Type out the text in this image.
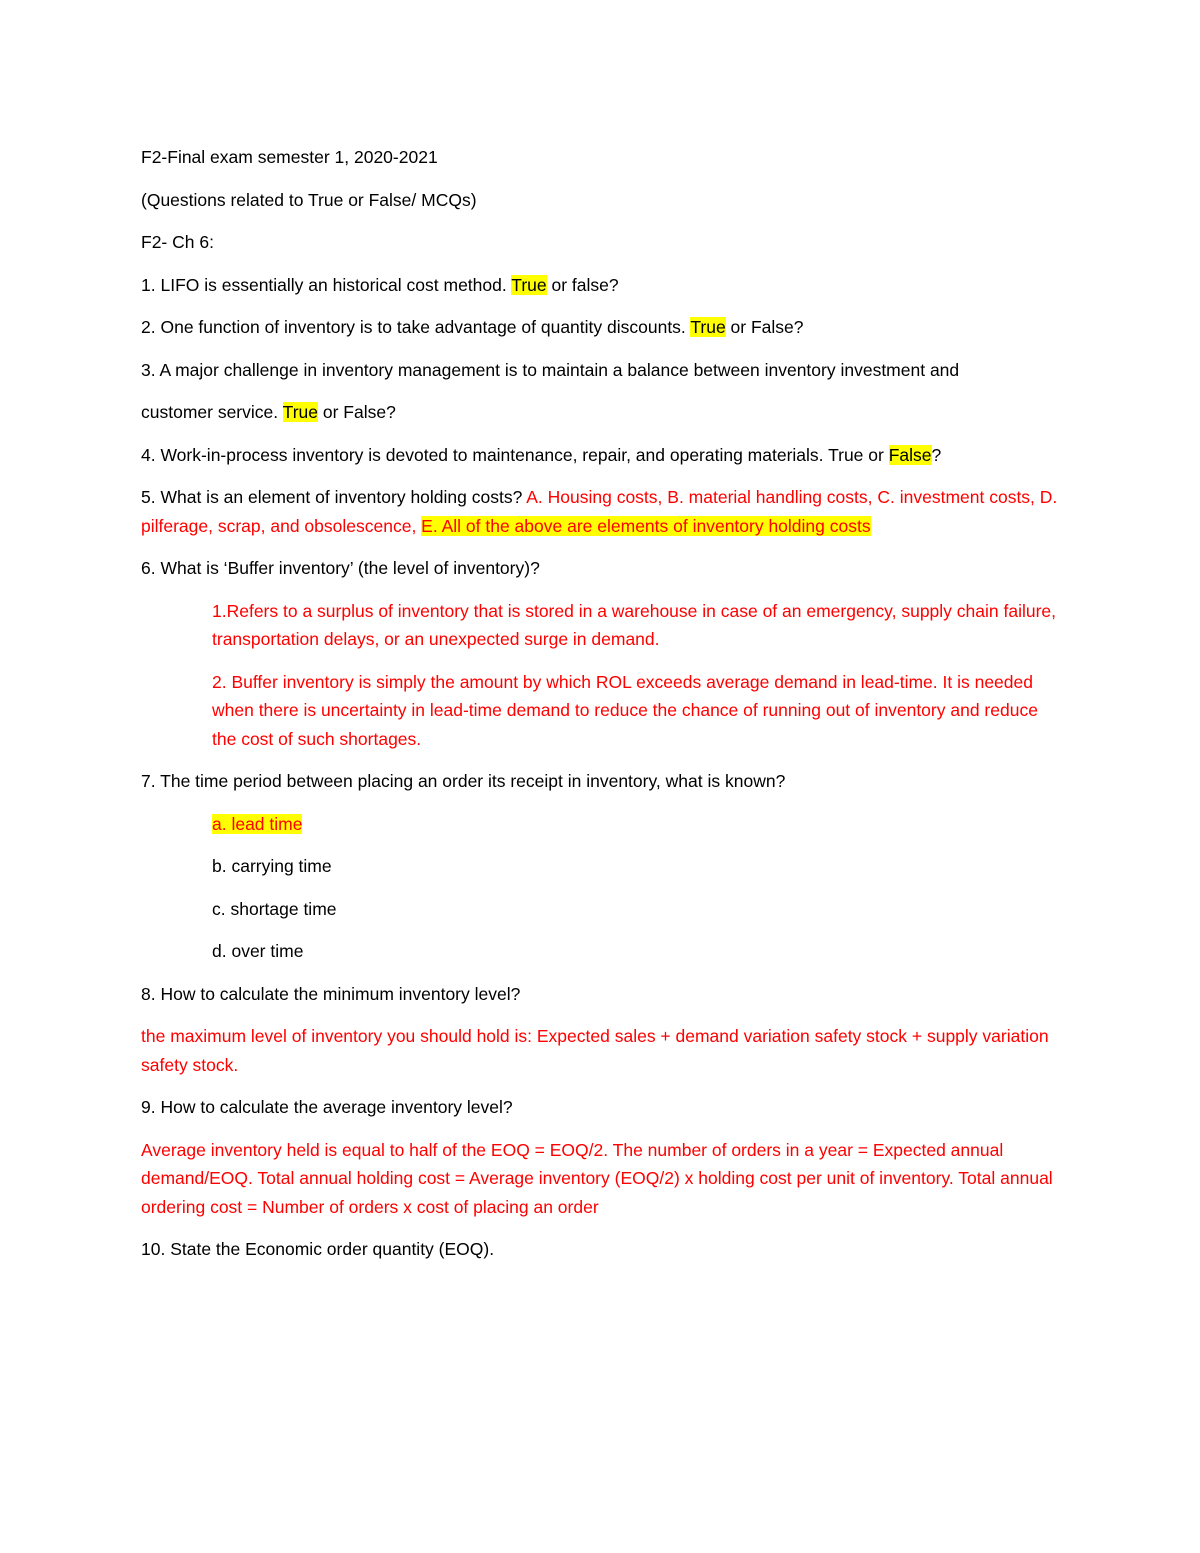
F2-Final exam semester 1, 2020-2021

(Questions related to True or False/ MCQs)

F2- Ch 6:

1. LIFO is essentially an historical cost method. True or false?

2. One function of inventory is to take advantage of quantity discounts. True or False?

3. A major challenge in inventory management is to maintain a balance between inventory investment and

customer service. True or False?

4. Work-in-process inventory is devoted to maintenance, repair, and operating materials. True or False?

5. What is an element of inventory holding costs? A. Housing costs, B. material handling costs, C. investment costs, D. pilferage, scrap, and obsolescence, E. All of the above are elements of inventory holding costs

6. What is ‘Buffer inventory’ (the level of inventory)?

1.Refers to a surplus of inventory that is stored in a warehouse in case of an emergency, supply chain failure, transportation delays, or an unexpected surge in demand.

2. Buffer inventory is simply the amount by which ROL exceeds average demand in lead-time. It is needed when there is uncertainty in lead-time demand to reduce the chance of running out of inventory and reduce the cost of such shortages.

7. The time period between placing an order its receipt in inventory, what is known?

a. lead time

b. carrying time

c. shortage time

d. over time

8. How to calculate the minimum inventory level?

the maximum level of inventory you should hold is: Expected sales + demand variation safety stock + supply variation safety stock.

9. How to calculate the average inventory level?

Average inventory held is equal to half of the EOQ = EOQ/2. The number of orders in a year = Expected annual demand/EOQ. Total annual holding cost = Average inventory (EOQ/2) x holding cost per unit of inventory. Total annual ordering cost = Number of orders x cost of placing an order

10. State the Economic order quantity (EOQ).
